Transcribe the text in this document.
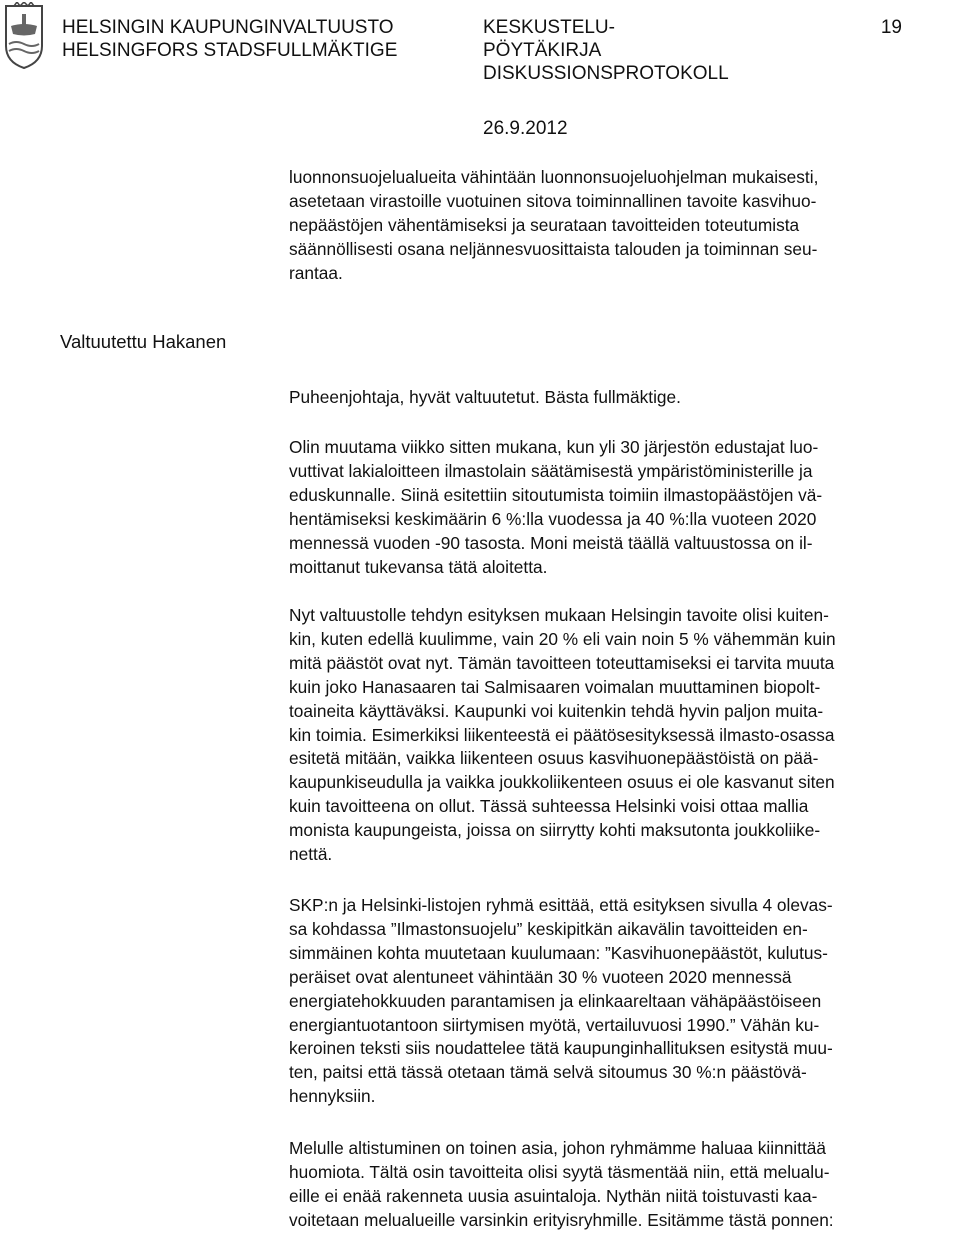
HELSINGIN KAUPUNGINVALTUUSTO
HELSINGFORS STADSFULLMÄKTIGE
KESKUSTELU-
PÖYTÄKIRJA
DISKUSSIONSPROTOKOLL
19
26.9.2012
luonnonsuojelualueita vähintään luonnonsuojeluohjelman mukaisesti,
asetetaan virastoille vuotuinen sitova toiminnallinen tavoite kasvihuo-
nepäästöjen vähentämiseksi ja seurataan tavoitteiden toteutumista
säännöllisesti osana neljännesvuosittaista talouden ja toiminnan seu-
rantaa.
Valtuutettu Hakanen
Puheenjohtaja, hyvät valtuutetut. Bästa fullmäktige.
Olin muutama viikko sitten mukana, kun yli 30 järjestön edustajat luo-
vuttivat lakialoitteen ilmastolain säätämisestä ympäristöministerille ja
eduskunnalle. Siinä esitettiin sitoutumista toimiin ilmastopäästöjen vä-
hentämiseksi keskimäärin 6 %:lla vuodessa ja 40 %:lla vuoteen 2020
mennessä vuoden -90 tasosta. Moni meistä täällä valtuustossa on il-
moittanut tukevansa tätä aloitetta.
Nyt valtuustolle tehdyn esityksen mukaan Helsingin tavoite olisi kuiten-
kin, kuten edellä kuulimme, vain 20 % eli vain noin 5 % vähemmän kuin
mitä päästöt ovat nyt. Tämän tavoitteen toteuttamiseksi ei tarvita muuta
kuin joko Hanasaaren tai Salmisaaren voimalan muuttaminen biopolt-
toaineita käyttäväksi. Kaupunki voi kuitenkin tehdä hyvin paljon muita-
kin toimia. Esimerkiksi liikenteestä ei päätösesityksessä ilmasto-osassa
esitetä mitään, vaikka liikenteen osuus kasvihuonepäästöistä on pää-
kaupunkiseudulla ja vaikka joukkoliikenteen osuus ei ole kasvanut siten
kuin tavoitteena on ollut. Tässä suhteessa Helsinki voisi ottaa mallia
monista kaupungeista, joissa on siirrytty kohti maksutonta joukkoliike-
nettä.
SKP:n ja Helsinki-listojen ryhmä esittää, että esityksen sivulla 4 olevas-
sa kohdassa ”Ilmastonsuojelu” keskipitkän aikavälin tavoitteiden en-
simmäinen kohta muutetaan kuulumaan: ”Kasvihuonepäästöt, kulutus-
peräiset ovat alentuneet vähintään 30 % vuoteen 2020 mennessä
energiatehokkuuden parantamisen ja elinkaareltaan vähäpäästöiseen
energiantuotantoon siirtymisen myötä, vertailuvuosi 1990.” Vähän ku-
keroinen teksti siis noudattelee tätä kaupunginhallituksen esitystä muu-
ten, paitsi että tässä otetaan tämä selvä sitoumus 30 %:n päästövä-
hennyksiin.
Melulle altistuminen on toinen asia, johon ryhmämme haluaa kiinnittää
huomiota. Tältä osin tavoitteita olisi syytä täsmentää niin, että melualu-
eille ei enää rakenneta uusia asuintaloja. Nythän niitä toistuvasti kaa-
voitetaan melualueille varsinkin erityisryhmille. Esitämme tästä ponnen:
